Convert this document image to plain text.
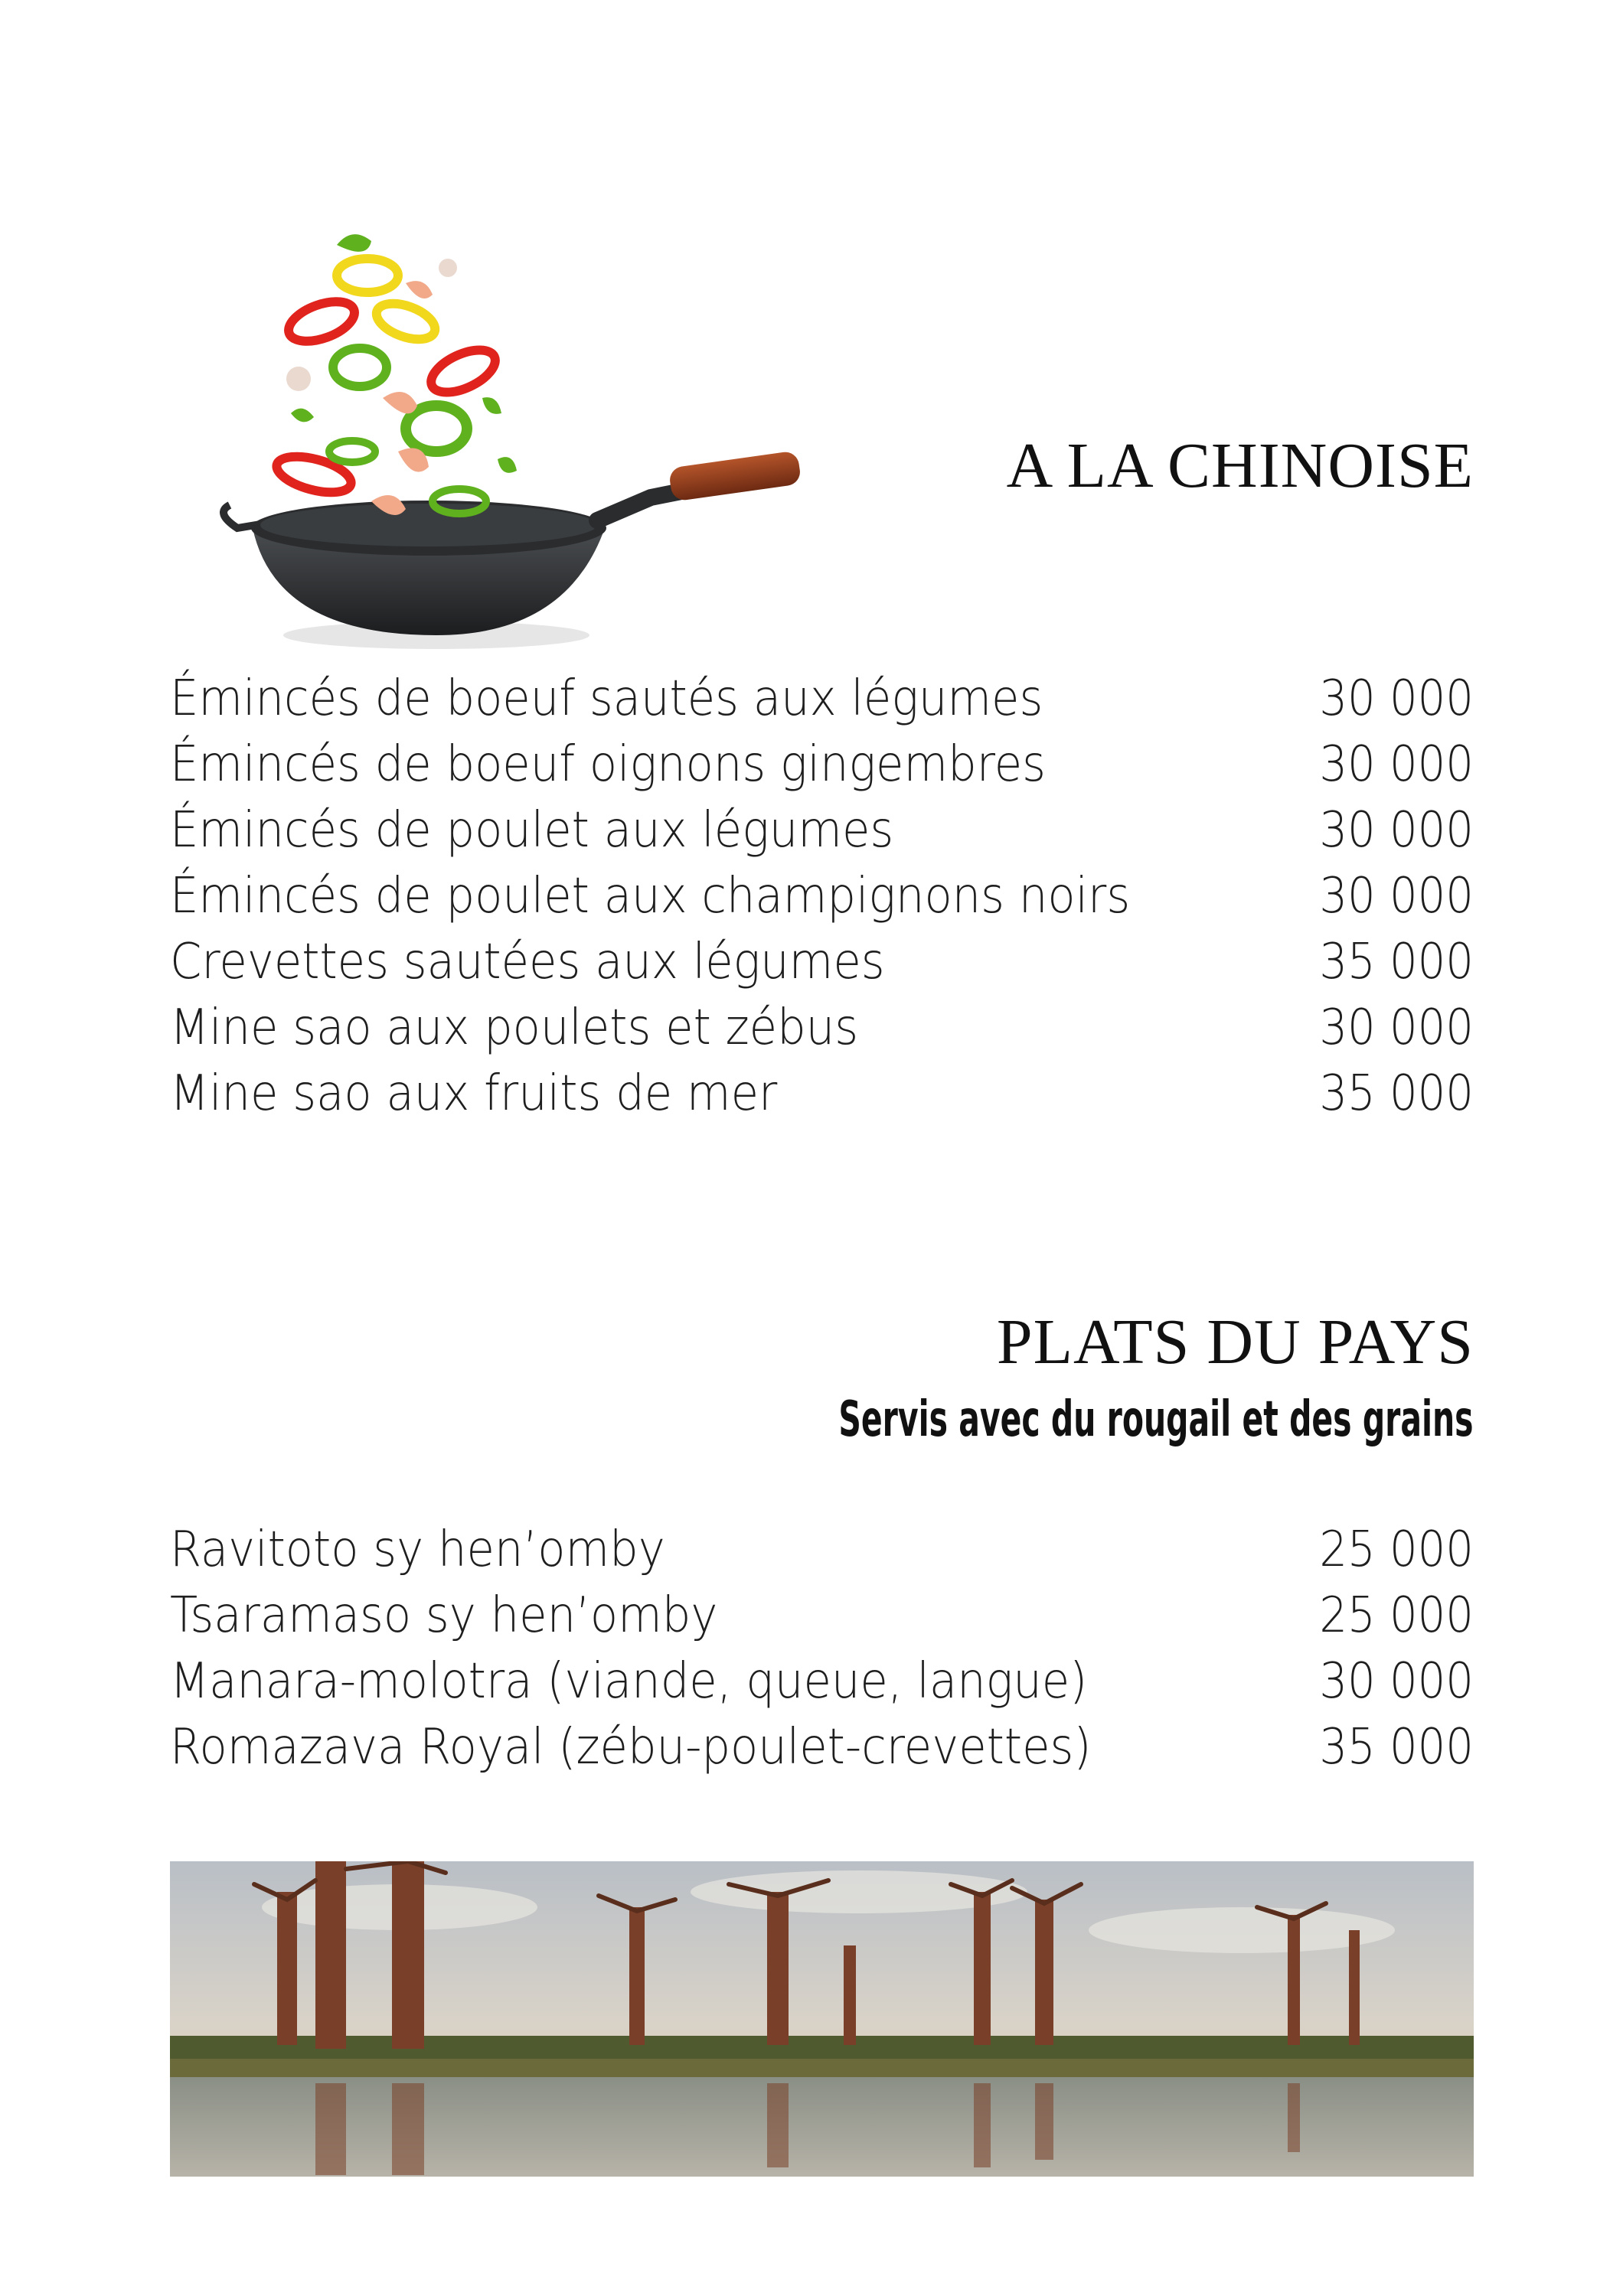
A LA CHINOISE
Émincés de boeuf sautés aux légumes	30 000
Émincés de boeuf oignons gingembres	30 000
Émincés de poulet aux légumes	30 000
Émincés de poulet aux champignons noirs	30 000
Crevettes sautées aux légumes	35 000
Mine sao aux poulets et zébus	30 000
Mine sao aux fruits de mer	35 000
PLATS DU PAYS

Servis avec du rougail et des grains

Ravitoto sy hen’omby	25 000
Tsaramaso sy hen’omby	25 000
Manara-molotra (viande, queue, langue)	30 000
Romazava Royal (zébu-poulet-crevettes)	35 000
